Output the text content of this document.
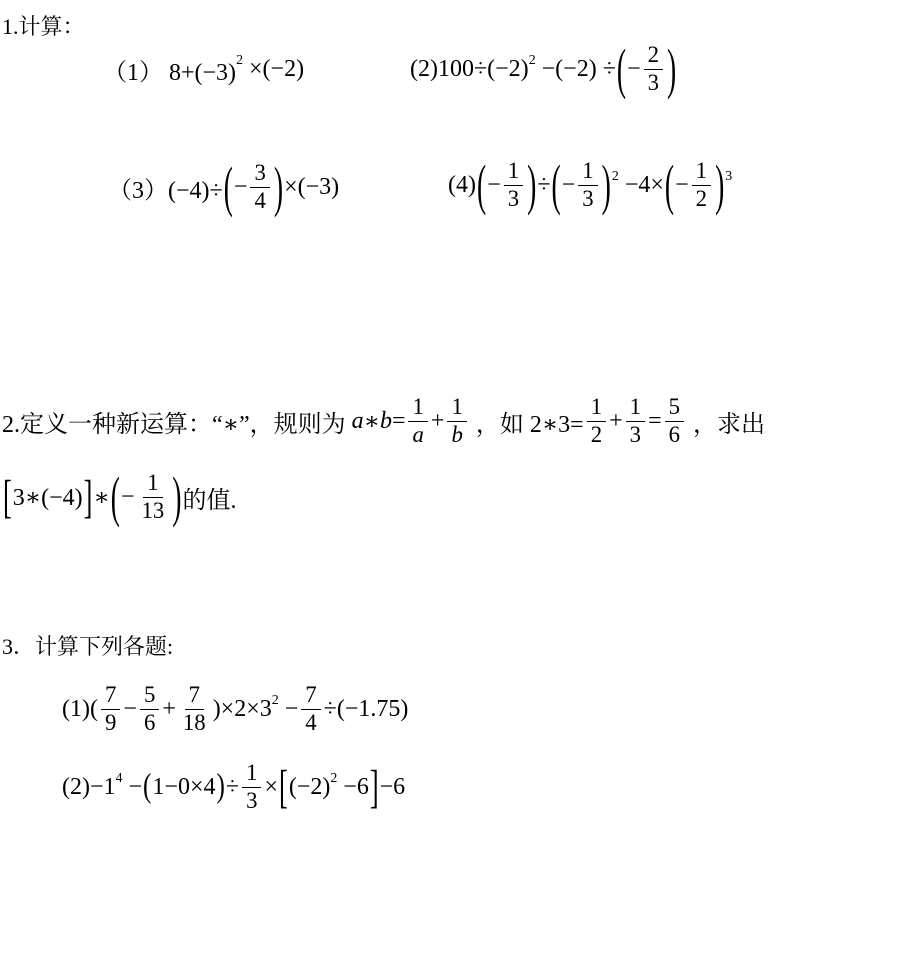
1.计算：
（1） 8+(−3) 2 ×(−2)	(2)100÷(−2) 2 −(−2) ÷ ( − $\frac{2}{3}$ )
（3）(−4)÷ ( − $\frac{3}{4}$ ) ×(−3)	(4) ( − $\frac{1}{3}$ ) ÷ ( − $\frac{1}{3}$ ) 2 −4× ( − $\frac{1}{2}$ ) 3
2.定义一种新运算：“∗”，规则为 a ∗ $b = \frac{1}{a} + \frac{1}{b}$ ，如 2∗3= $\frac{1}{2} + \frac{1}{3} = \frac{5}{6}$ ，求出
[ 3∗(−4) ] ∗ ( − $\frac{1}{13}$ ) 的值.
3．计算下列各题:
$(1)( \frac{7}{9} - \frac{5}{6} + \frac{7}{18} )\times 2\times 3$ $2 - \frac{7}{4} \div(-1.75)$
(2)−1 4 − ( 1−0×4 ) ÷ $\frac{1}{3}$ × [ (−2) 2 −6 ] −6
